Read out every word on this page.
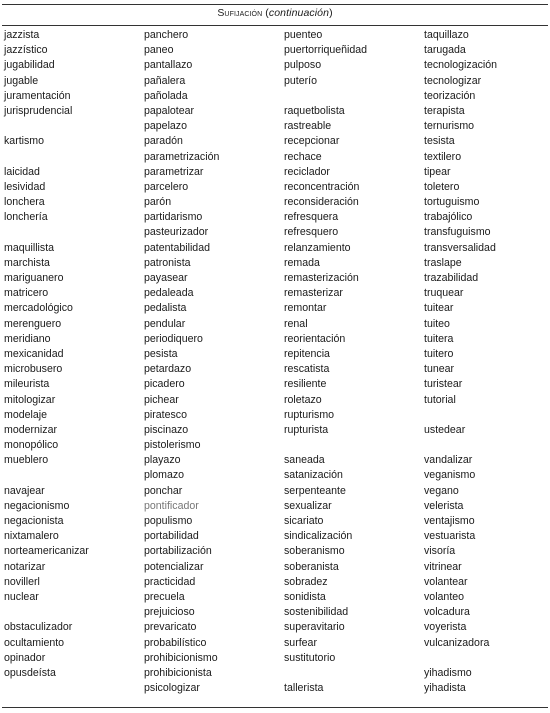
Sufijación (continuación)
jazzista
jazzístico
jugabilidad
jugable
juramentación
jurisprudencial
kartismo
laicidad
lesividad
lonchera
lonchería
maquillista
marchista
mariguanero
matricero
mercadológico
merenguero
meridiano
mexicanidad
microbusero
mileurista
mitologizar
modelaje
modernizar
monopólico
mueblero
navajear
negacionismo
negacionista
nixtamalero
norteamericanizar
notarizar
novillerl
nuclear
obstaculizador
ocultamiento
opinador
opusdeísta
panchero
paneo
pantallazo
pañalera
pañolada
papalotear
papelazo
paradón
parametrización
parametrizar
parcelero
parón
partidarismo
pasteurizador
patentabilidad
patronista
payasear
pedaleada
pedalista
pendular
periodiquero
pesista
petardazo
picadero
pichear
piratesco
piscinazo
pistolerismo
playazo
plomazo
ponchar
pontificador
populismo
portabilidad
portabilización
potencializar
practicidad
precuela
prejuicioso
prevaricato
probabilístico
prohibicionismo
prohibicionista
psicologizar
puenteo
puertorriqueñidad
pulposo
puterío
raquetbolista
rastreable
recepcionar
rechace
reciclador
reconcentración
reconsideración
refresquera
refresquero
relanzamiento
remada
remasterización
remasterizar
remontar
renal
reorientación
repitencia
rescatista
resiliente
roletazo
rupturismo
rupturista
saneada
satanización
serpenteante
sexualizar
sicariato
sindicalización
soberanismo
soberanista
sobradez
sonidista
sostenibilidad
superavitario
surfear
sustitutorio
tallerista
taquillazo
tarugada
tecnologización
tecnologizar
teorización
terapista
ternurismo
tesista
textilero
tipear
toletero
tortuguismo
trabajólico
transfuguismo
transversalidad
traslape
trazabilidad
truquear
tuitear
tuiteo
tuitera
tuitero
tunear
turistear
tutorial
ustedear
vandalizar
veganismo
vegano
velerista
ventajismo
vestuarista
visoría
vitrinear
volantear
volanteo
volcadura
voyerista
vulcanizadora
yihadismo
yihadista
